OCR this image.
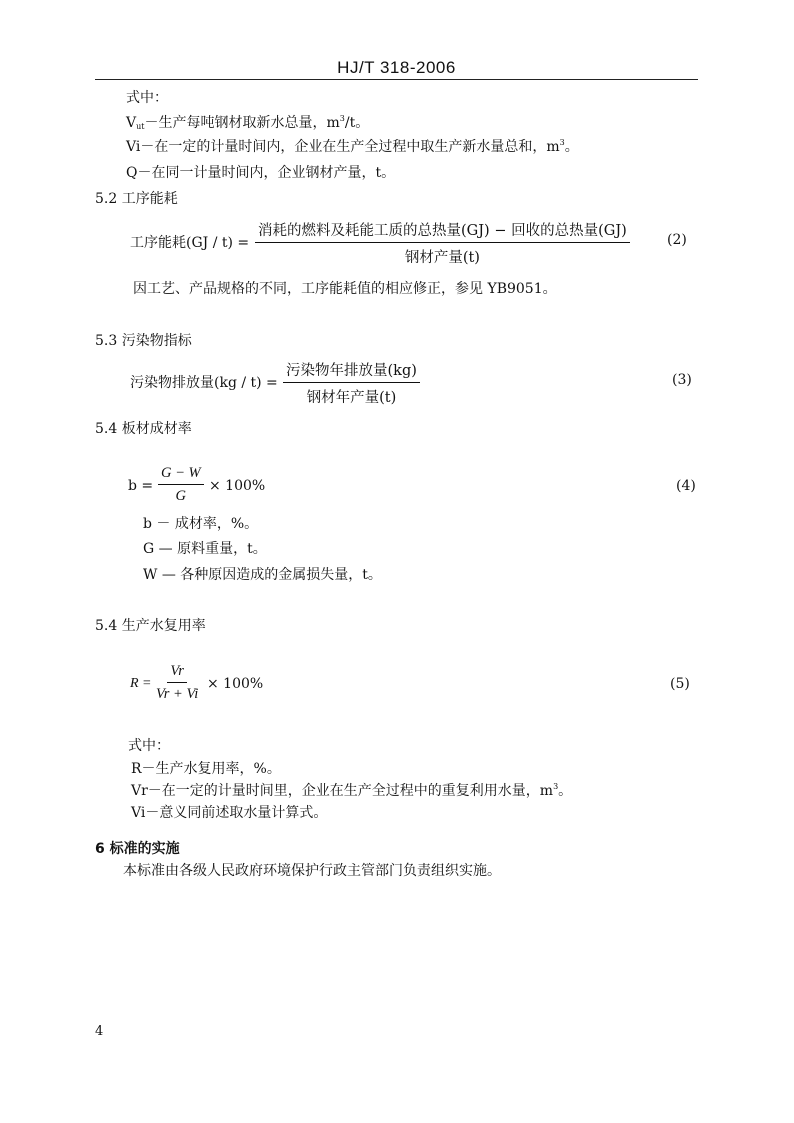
HJ/T 318-2006
式中：
$V_{ut}-$生产每吨钢材取新水总量，$m^3/t$。
Vi－在一定的计量时间内，企业在生产全过程中取生产新水量总和，$m^3$。
Q－在同一计量时间内，企业钢材产量，t。
5.2 工序能耗
工序能耗(GJ / t) =
消耗的燃料及耗能工质的总热量(GJ) − 回收的总热量(GJ)
钢材产量(t)
(2)
因工艺、产品规格的不同，工序能耗值的相应修正，参见 YB9051。
5.3 污染物指标
污染物排放量(kg / t) =
污染物年排放量(kg)
钢材年产量(t)
(3)
5.4 板材成材率
$b = \frac{G - W}{G} \times 100\%$	(4)
b － 成材率，%。
G — 原料重量，t。
W — 各种原因造成的金属损失量，t。
5.4 生产水复用率
$R = \frac{Vr}{Vr + Vi} \times 100\%$	(5)
式中：
R－生产水复用率，%。
Vr－在一定的计量时间里，企业在生产全过程中的重复利用水量，$m^3$。
Vi－意义同前述取水量计算式。
6 标准的实施
本标准由各级人民政府环境保护行政主管部门负责组织实施。
4
